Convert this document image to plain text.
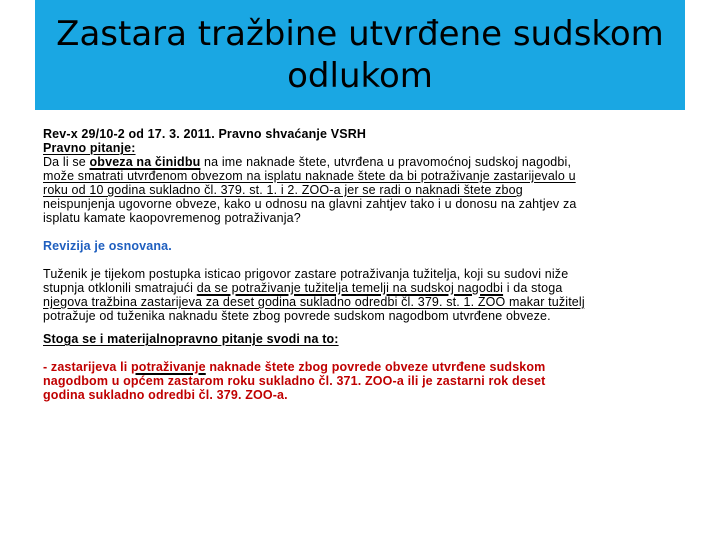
Zastara tražbine utvrđene sudskom
odlukom

Rev-x 29/10-2 od 17. 3. 2011. Pravno shvaćanje VSRH

Pravno pitanje:

Da li se obveza na činidbu na ime naknade štete, utvrđena u pravomoćnoj sudskoj nagodbi,

može smatrati utvrđenom obvezom na isplatu naknade štete da bi potraživanje zastarijevalo u

roku od 10 godina sukladno čl. 379. st. 1. i 2. ZOO-a jer se radi o naknadi štete zbog

neispunjenja ugovorne obveze, kako u odnosu na glavni zahtjev tako i u donosu na zahtjev za

isplatu kamate kaopovremenog potraživanja?

Revizija je osnovana.

Tuženik je tijekom postupka isticao prigovor zastare potraživanja tužitelja, koji su sudovi niže

stupnja otklonili smatrajući da se potraživanje tužitelja temelji na sudskoj nagodbi i da stoga

njegova tražbina zastarijeva za deset godina sukladno odredbi čl. 379. st. 1. ZOO makar tužitelj

potražuje od tuženika naknadu štete zbog povrede sudskom nagodbom utvrđene obveze.

Stoga se i materijalnopravno pitanje svodi na to:

- zastarijeva li potraživanje naknade štete zbog povrede obveze utvrđene sudskom

nagodbom u općem zastarom roku sukladno čl. 371. ZOO-a ili je zastarni rok deset

godina sukladno odredbi čl. 379. ZOO-a.
